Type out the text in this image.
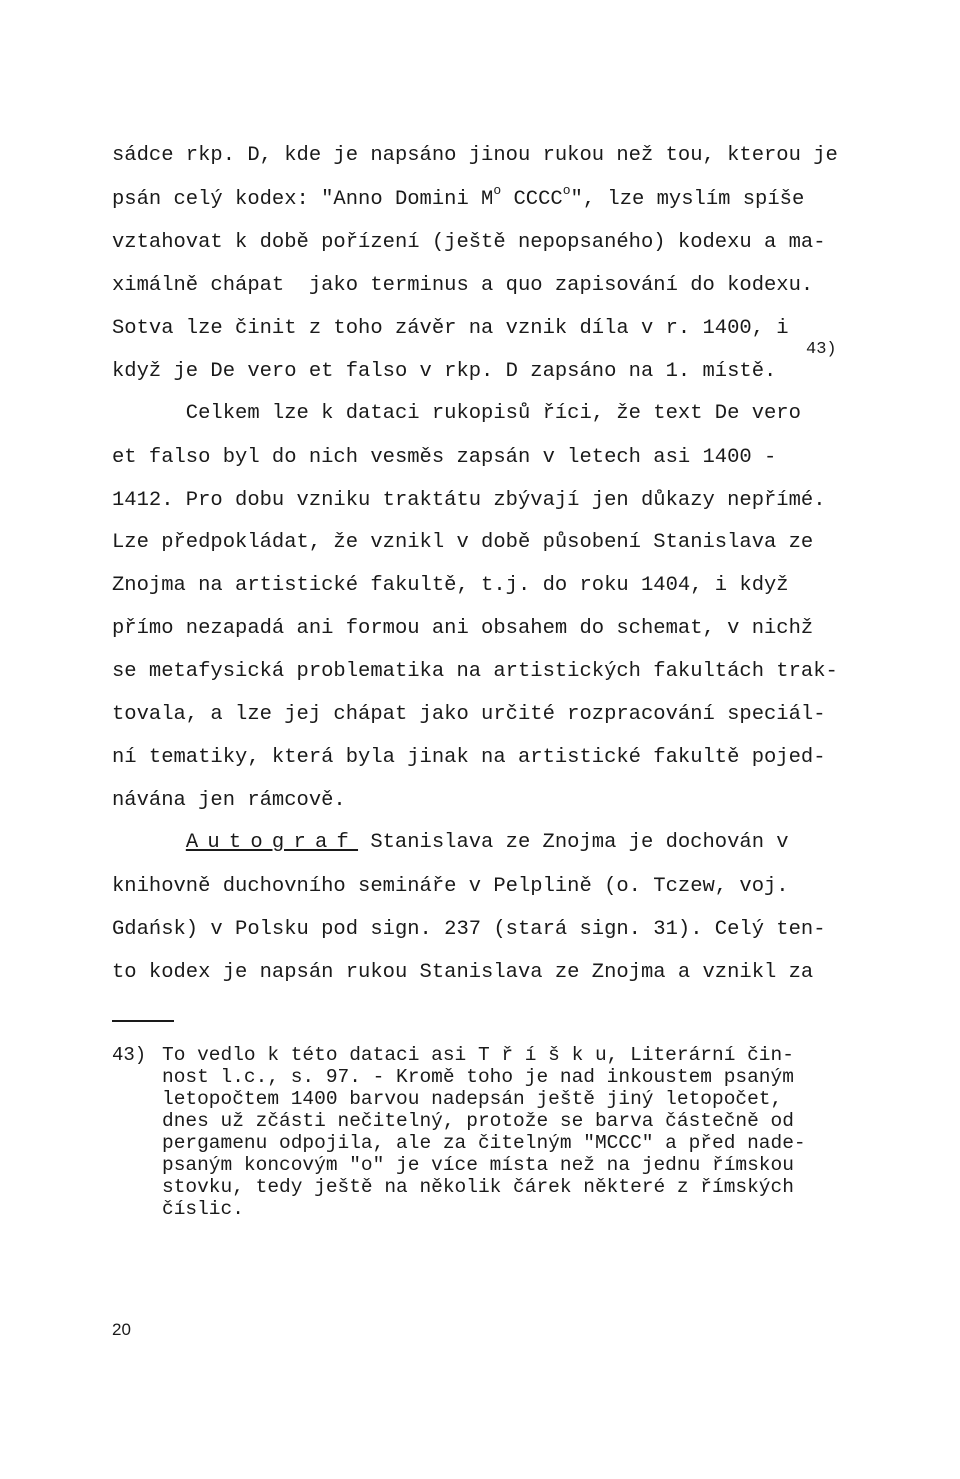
sádce rkp. D, kde je napsáno jinou rukou než tou, kterou je
psán celý kodex: "Anno Domini $M^o$ CCCC$^o$", lze myslím spíše
vztahovat k době pořízení (ještě nepopsaného) kodexu a ma-
ximálně chápat  jako terminus a quo zapisování do kodexu.
Sotva lze činit z toho závěr na vznik díla v r. 1400, i
když je De vero et falso v rkp. D zapsáno na 1. místě.
43)
Celkem lze k dataci rukopisů říci, že text De vero
et falso byl do nich vesměs zapsán v letech asi 1400 -
1412. Pro dobu vzniku traktátu zbývají jen důkazy nepřímé.
Lze předpokládat, že vznikl v době působení Stanislava ze
Znojma na artistické fakultě, t.j. do roku 1404, i když
přímo nezapadá ani formou ani obsahem do schemat, v nichž
se metafysická problematika na artistických fakultách trak-
tovala, a lze jej chápat jako určité rozpracování speciál-
ní tematiky, která byla jinak na artistické fakultě pojed-
návána jen rámcově.
Autograf Stanislava ze Znojma je dochován v
knihovně duchovního semináře v Pelplině (o. Tczew, voj.
Gdańsk) v Polsku pod sign. 237 (stará sign. 31). Celý ten-
to kodex je napsán rukou Stanislava ze Znojma a vznikl za
43) To vedlo k této dataci asi T ř í š k u, Literární čin-
nost l.c., s. 97. - Kromě toho je nad inkoustem psaným
letopočtem 1400 barvou nadepsán ještě jiný letopočet,
dnes už zčásti nečitelný, protože se barva částečně od
pergamenu odpojila, ale za čitelným "MCCC" a před nade-
psaným koncovým "o" je více místa než na jednu římskou
stovku, tedy ještě na několik čárek některé z římských
číslic.
20
